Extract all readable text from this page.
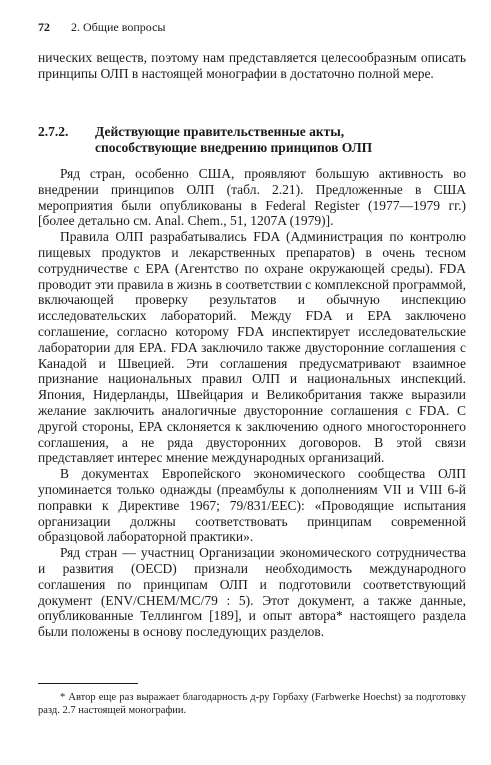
72 2. Общие вопросы
нических веществ, поэтому нам представляется целесообразным описать принципы ОЛП в настоящей монографии в достаточно полной мере.
2.7.2. Действующие правительственные акты, способствующие внедрению принципов ОЛП

Ряд стран, особенно США, проявляют большую активность во внедрении принципов ОЛП (табл. 2.21). Предложенные в США мероприятия были опубликованы в Federal Register (1977—1979 гг.) [более детально см. Anal. Chem., 51, 1207A (1979)].

Правила ОЛП разрабатывались FDA (Администрация по контролю пищевых продуктов и лекарственных препаратов) в очень тесном сотрудничестве с EPA (Агентство по охране окружающей среды). FDA проводит эти правила в жизнь в соответствии с комплексной программой, включающей проверку результатов и обычную инспекцию исследовательских лабораторий. Между FDA и EPA заключено соглашение, согласно которому FDA инспектирует исследовательские лаборатории для EPA. FDA заключило также двусторонние соглашения с Канадой и Швецией. Эти соглашения предусматривают взаимное признание национальных правил ОЛП и национальных инспекций. Япония, Нидерланды, Швейцария и Великобритания также выразили желание заключить аналогичные двусторонние соглашения с FDA. С другой стороны, EPA склоняется к заключению одного многостороннего соглашения, а не ряда двусторонних договоров. В этой связи представляет интерес мнение международных организаций.

В документах Европейского экономического сообщества ОЛП упоминается только однажды (преамбулы к дополнениям VII и VIII 6-й поправки к Директиве 1967; 79/831/EEC): «Проводящие испытания организации должны соответствовать принципам современной образцовой лабораторной практики».

Ряд стран — участниц Организации экономического сотрудничества и развития (OECD) признали необходимость международного соглашения по принципам ОЛП и подготовили соответствующий документ (ENV/CHEM/MC/79 : 5). Этот документ, а также данные, опубликованные Теллингом [189], и опыт автора* настоящего раздела были положены в основу последующих разделов.

* Автор еще раз выражает благодарность д-ру Горбаху (Farbwerke Hoechst) за подготовку разд. 2.7 настоящей монографии.
